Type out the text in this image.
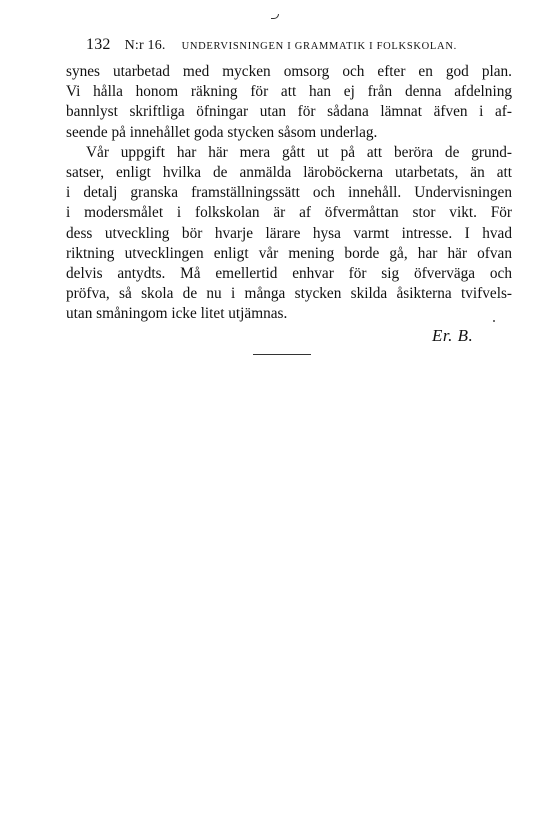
132 N:r 16. UNDERVISNINGEN I GRAMMATIK I FOLKSKOLAN.
synes utarbetad med mycken omsorg och efter en god plan.
Vi hålla honom räkning för att han ej från denna afdelning
bannlyst skriftliga öfningar utan för sådana lämnat äfven i af-
seende på innehållet goda stycken såsom underlag.
Vår uppgift har här mera gått ut på att beröra de grund-
satser, enligt hvilka de anmälda läroböckerna utarbetats, än att
i detalj granska framställningssätt och innehåll. Undervisningen
i modersmålet i folkskolan är af öfvermåttan stor vikt. För
dess utveckling bör hvarje lärare hysa varmt intresse. I hvad
riktning utvecklingen enligt vår mening borde gå, har här ofvan
delvis antydts. Må emellertid enhvar för sig öfverväga och
pröfva, så skola de nu i många stycken skilda åsikterna tvifvels-
utan småningom icke litet utjämnas.
Er. B.
